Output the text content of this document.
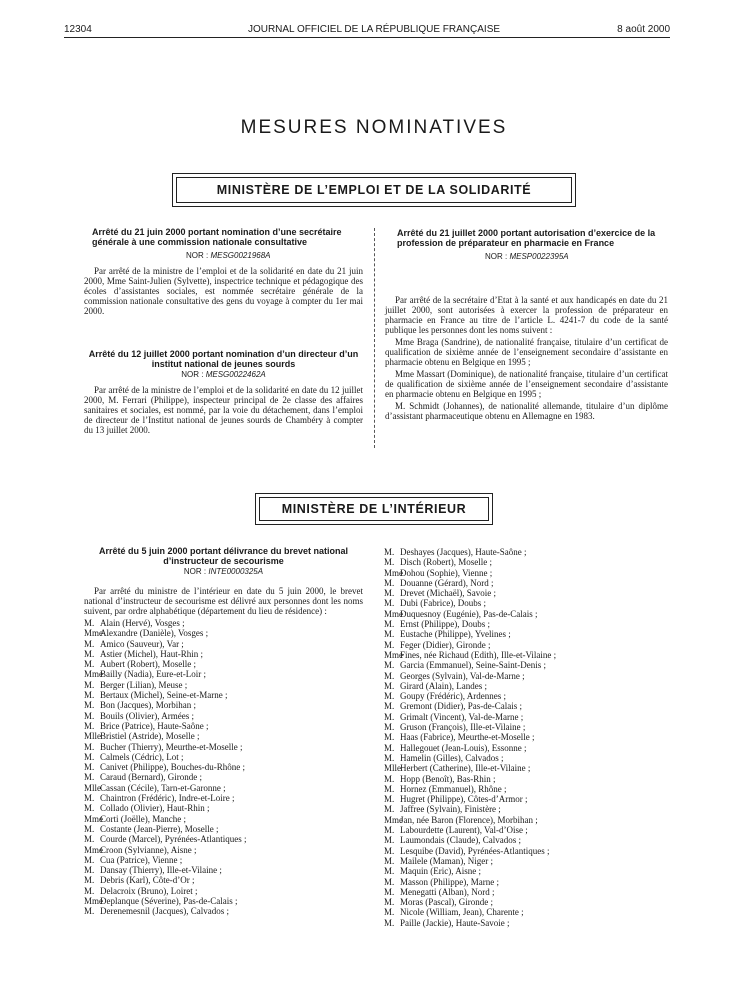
12304	JOURNAL OFFICIEL DE LA RÉPUBLIQUE FRANÇAISE	8 août 2000
MESURES NOMINATIVES
MINISTÈRE DE L’EMPLOI ET DE LA SOLIDARITÉ

Arrêté du 21 juin 2000 portant nomination d’une secrétaire générale à une commission nationale consultative

NOR : MESG0021968A

Par arrêté de la ministre de l’emploi et de la solidarité en date du 21 juin 2000, Mme Saint-Julien (Sylvette), inspectrice technique et pédagogique des écoles d’assistantes sociales, est nommée secrétaire générale de la commission nationale consultative des gens du voyage à compter du 1er mai 2000.

Arrêté du 12 juillet 2000 portant nomination d’un directeur d’un institut national de jeunes sourds

NOR : MESG0022462A

Par arrêté de la ministre de l’emploi et de la solidarité en date du 12 juillet 2000, M. Ferrari (Philippe), inspecteur principal de 2e classe des affaires sanitaires et sociales, est nommé, par la voie du détachement, dans l’emploi de directeur de l’Institut national de jeunes sourds de Chambéry à compter du 13 juillet 2000.

Arrêté du 21 juillet 2000 portant autorisation d’exercice de la profession de préparateur en pharmacie en France

NOR : MESP0022395A

Par arrêté de la secrétaire d’Etat à la santé et aux handicapés en date du 21 juillet 2000, sont autorisées à exercer la profession de préparateur en pharmacie en France au titre de l’article L. 4241-7 du code de la santé publique les personnes dont les noms suivent :

Mme Braga (Sandrine), de nationalité française, titulaire d’un certificat de qualification de sixième année de l’enseignement secondaire d’assistante en pharmacie obtenu en Belgique en 1995 ;

Mme Massart (Dominique), de nationalité française, titulaire d’un certificat de qualification de sixième année de l’enseignement secondaire d’assistante en pharmacie obtenu en Belgique en 1995 ;

M. Schmidt (Johannes), de nationalité allemande, titulaire d’un diplôme d’assistant pharmaceutique obtenu en Allemagne en 1983.

MINISTÈRE DE L’INTÉRIEUR

Arrêté du 5 juin 2000 portant délivrance du brevet national d’instructeur de secourisme

NOR : INTE0000325A

Par arrêté du ministre de l’intérieur en date du 5 juin 2000, le brevet national d’instructeur de secourisme est délivré aux personnes dont les noms suivent, par ordre alphabétique (département du lieu de résidence) :

M. Alain (Hervé), Vosges ;
MmeAlexandre (Danièle), Vosges ;
M. Amico (Sauveur), Var ;
M. Astier (Michel), Haut-Rhin ;
M. Aubert (Robert), Moselle ;
MmeBailly (Nadia), Eure-et-Loir ;
M. Berger (Lilian), Meuse ;
M. Bertaux (Michel), Seine-et-Marne ;
M. Bon (Jacques), Morbihan ;
M. Bouils (Olivier), Armées ;
M. Brice (Patrice), Haute-Saône ;
MlleBristiel (Astride), Moselle ;
M. Bucher (Thierry), Meurthe-et-Moselle ;
M. Calmels (Cédric), Lot ;
M. Canivet (Philippe), Bouches-du-Rhône ;
M. Caraud (Bernard), Gironde ;
MlleCassan (Cécile), Tarn-et-Garonne ;
M. Chaintron (Frédéric), Indre-et-Loire ;
M. Collado (Olivier), Haut-Rhin ;
MmeCorti (Joëlle), Manche ;
M. Costante (Jean-Pierre), Moselle ;
M. Courde (Marcel), Pyrénées-Atlantiques ;
MmeCroon (Sylvianne), Aisne ;
M. Cua (Patrice), Vienne ;
M. Dansay (Thierry), Ille-et-Vilaine ;
M. Debris (Karl), Côte-d’Or ;
M. Delacroix (Bruno), Loiret ;
MmeDeplanque (Séverine), Pas-de-Calais ;
M. Derenemesnil (Jacques), Calvados ;
M. Deshayes (Jacques), Haute-Saône ;
M. Disch (Robert), Moselle ;
MmeDohou (Sophie), Vienne ;
M. Douanne (Gérard), Nord ;
M. Drevet (Michaël), Savoie ;
M. Dubi (Fabrice), Doubs ;
MmeDuquesnoy (Eugénie), Pas-de-Calais ;
M. Ernst (Philippe), Doubs ;
M. Eustache (Philippe), Yvelines ;
M. Feger (Didier), Gironde ;
MmeFines, née Richaud (Edith), Ille-et-Vilaine ;
M. Garcia (Emmanuel), Seine-Saint-Denis ;
M. Georges (Sylvain), Val-de-Marne ;
M. Girard (Alain), Landes ;
M. Goupy (Frédéric), Ardennes ;
M. Gremont (Didier), Pas-de-Calais ;
M. Grimalt (Vincent), Val-de-Marne ;
M. Gruson (François), Ille-et-Vilaine ;
M. Haas (Fabrice), Meurthe-et-Moselle ;
M. Hallegouet (Jean-Louis), Essonne ;
M. Hamelin (Gilles), Calvados ;
MlleHerbert (Catherine), Ille-et-Vilaine ;
M. Hopp (Benoît), Bas-Rhin ;
M. Hornez (Emmanuel), Rhône ;
M. Hugret (Philippe), Côtes-d’Armor ;
M. Jaffree (Sylvain), Finistère ;
MmeJan, née Baron (Florence), Morbihan ;
M. Labourdette (Laurent), Val-d’Oise ;
M. Laumondais (Claude), Calvados ;
M. Lesquibe (David), Pyrénées-Atlantiques ;
M. Mailele (Maman), Niger ;
M. Maquin (Eric), Aisne ;
M. Masson (Philippe), Marne ;
M. Menegatti (Alban), Nord ;
M. Moras (Pascal), Gironde ;
M. Nicole (William, Jean), Charente ;
M. Paille (Jackie), Haute-Savoie ;
